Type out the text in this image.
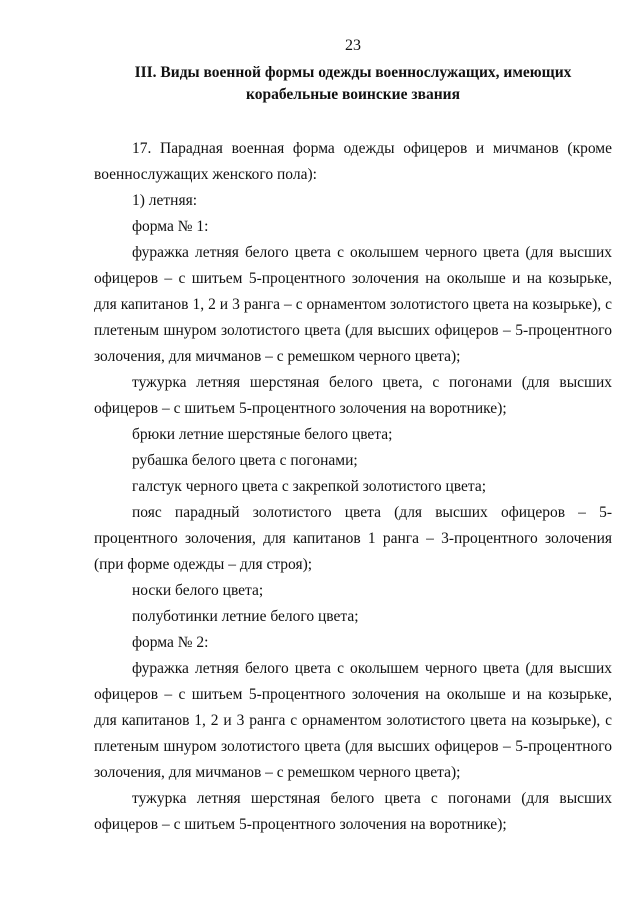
23
III. Виды военной формы одежды военнослужащих, имеющих
корабельные воинские звания

17. Парадная военная форма одежды офицеров и мичманов (кроме военнослужащих женского пола):

1) летняя:

форма № 1:

фуражка летняя белого цвета с околышем черного цвета (для высших офицеров – с шитьем 5-процентного золочения на околыше и на козырьке, для капитанов 1, 2 и 3 ранга – с орнаментом золотистого цвета на козырьке), с плетеным шнуром золотистого цвета (для высших офицеров – 5-процентного золочения, для мичманов – с ремешком черного цвета);

тужурка летняя шерстяная белого цвета, с погонами (для высших офицеров – с шитьем 5-процентного золочения на воротнике);

брюки летние шерстяные белого цвета;

рубашка белого цвета с погонами;

галстук черного цвета с закрепкой золотистого цвета;

пояс парадный золотистого цвета (для высших офицеров – 5-процентного золочения, для капитанов 1 ранга – 3-процентного золочения (при форме одежды – для строя);

носки белого цвета;

полуботинки летние белого цвета;

форма № 2:

фуражка летняя белого цвета с околышем черного цвета (для высших офицеров – с шитьем 5-процентного золочения на околыше и на козырьке, для капитанов 1, 2 и 3 ранга с орнаментом золотистого цвета на козырьке), с плетеным шнуром золотистого цвета (для высших офицеров – 5-процентного золочения, для мичманов – с ремешком черного цвета);

тужурка летняя шерстяная белого цвета с погонами (для высших офицеров – с шитьем 5-процентного золочения на воротнике);
